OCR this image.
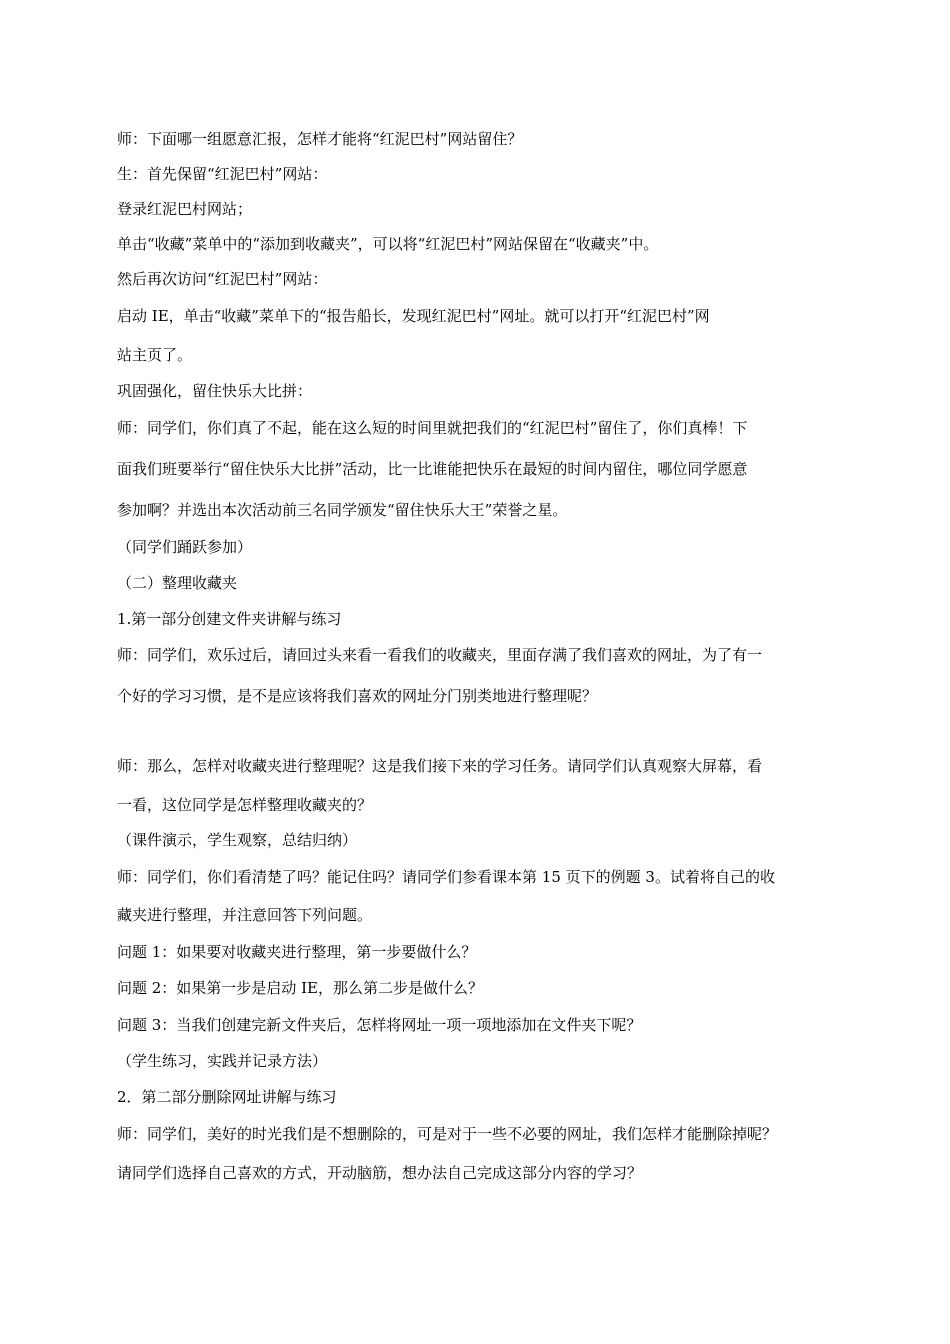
师：下面哪一组愿意汇报，怎样才能将“红泥巴村”网站留住？
生：首先保留“红泥巴村”网站：
登录红泥巴村网站；
单击“收藏”菜单中的“添加到收藏夹”，可以将“红泥巴村”网站保留在“收藏夹”中。
然后再次访问“红泥巴村”网站：
启动 IE，单击“收藏”菜单下的“报告船长，发现红泥巴村”网址。就可以打开“红泥巴村”网
站主页了。
巩固强化，留住快乐大比拼：
师：同学们，你们真了不起，能在这么短的时间里就把我们的“红泥巴村”留住了，你们真棒！下
面我们班要举行“留住快乐大比拼”活动，比一比谁能把快乐在最短的时间内留住，哪位同学愿意
参加啊？并选出本次活动前三名同学颁发“留住快乐大王”荣誉之星。
（同学们踊跃参加）
（二）整理收藏夹
1.第一部分创建文件夹讲解与练习
师：同学们，欢乐过后，请回过头来看一看我们的收藏夹，里面存满了我们喜欢的网址，为了有一
个好的学习习惯，是不是应该将我们喜欢的网址分门别类地进行整理呢？
师：那么，怎样对收藏夹进行整理呢？这是我们接下来的学习任务。请同学们认真观察大屏幕，看
一看，这位同学是怎样整理收藏夹的？
（课件演示，学生观察，总结归纳）
师：同学们，你们看清楚了吗？能记住吗？请同学们参看课本第 15 页下的例题 3。试着将自己的收
藏夹进行整理，并注意回答下列问题。
问题 1：如果要对收藏夹进行整理，第一步要做什么？
问题 2：如果第一步是启动 IE，那么第二步是做什么？
问题 3：当我们创建完新文件夹后，怎样将网址一项一项地添加在文件夹下呢？
（学生练习，实践并记录方法）
2．第二部分删除网址讲解与练习
师：同学们，美好的时光我们是不想删除的，可是对于一些不必要的网址，我们怎样才能删除掉呢？
请同学们选择自己喜欢的方式，开动脑筋，想办法自己完成这部分内容的学习？
